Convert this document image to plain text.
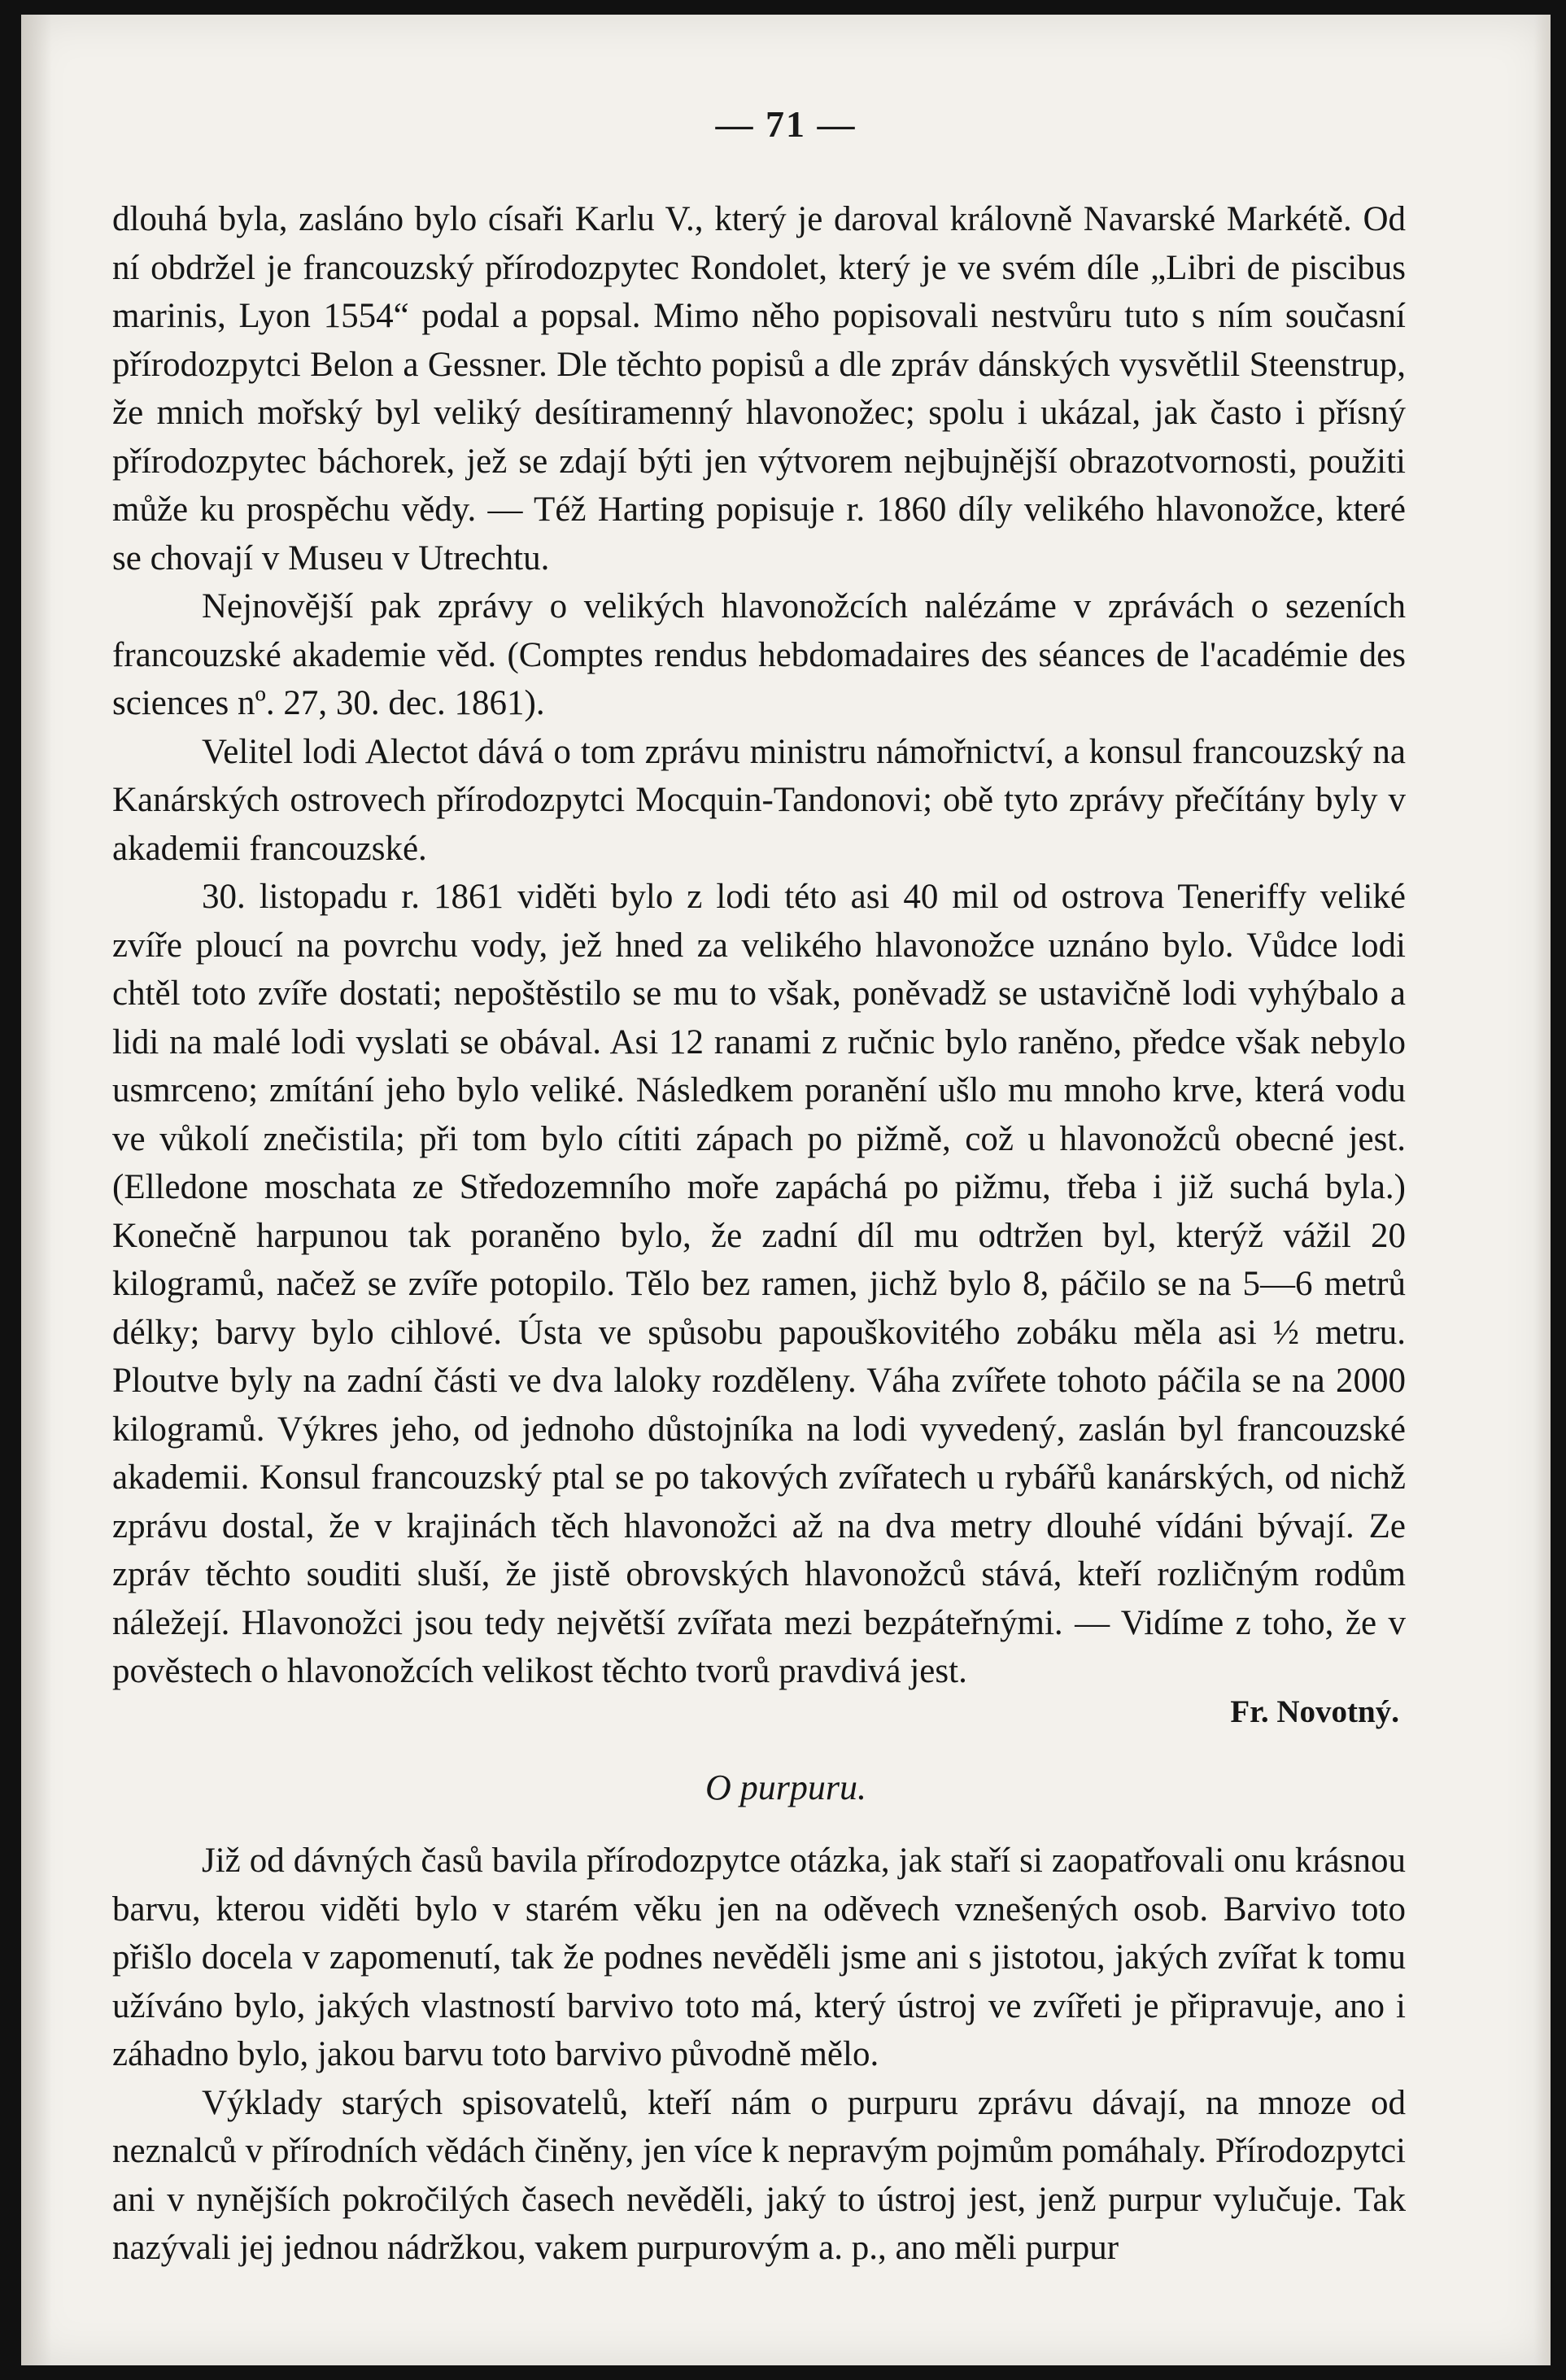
— 71 —

dlouhá byla, zasláno bylo císaři Karlu V., který je daroval královně Navarské Markétě. Od ní obdržel je francouzský přírodozpytec Rondolet, který je ve svém díle „Libri de piscibus marinis, Lyon 1554“ podal a popsal. Mimo něho popisovali nestvůru tuto s ním současní přírodozpytci Belon a Gessner. Dle těchto popisů a dle zpráv dánských vysvětlil Steenstrup, že mnich mořský byl veliký desítiramenný hlavonožec; spolu i ukázal, jak často i přísný přírodozpytec báchorek, jež se zdají býti jen výtvorem nejbujnější obrazotvornosti, použiti může ku prospěchu vědy. — Též Harting popisuje r. 1860 díly velikého hlavonožce, které se chovají v Museu v Utrechtu.

Nejnovější pak zprávy o velikých hlavonožcích nalézáme v zprávách o sezeních francouzské akademie věd. (Comptes rendus hebdomadaires des séances de l'académie des sciences nº. 27, 30. dec. 1861).

Velitel lodi Alectot dává o tom zprávu ministru námořnictví, a konsul francouzský na Kanárských ostrovech přírodozpytci Mocquin-Tandonovi; obě tyto zprávy přečítány byly v akademii francouzské.

30. listopadu r. 1861 viděti bylo z lodi této asi 40 mil od ostrova Teneriffy veliké zvíře ploucí na povrchu vody, jež hned za velikého hlavonožce uznáno bylo. Vůdce lodi chtěl toto zvíře dostati; nepoštěstilo se mu to však, poněvadž se ustavičně lodi vyhýbalo a lidi na malé lodi vyslati se obával. Asi 12 ranami z ručnic bylo raněno, předce však nebylo usmrceno; zmítání jeho bylo veliké. Následkem poranění ušlo mu mnoho krve, která vodu ve vůkolí znečistila; při tom bylo cítiti zápach po pižmě, což u hlavonožců obecné jest. (Elledone moschata ze Středozemního moře zapáchá po pižmu, třeba i již suchá byla.) Konečně harpunou tak poraněno bylo, že zadní díl mu odtržen byl, kterýž vážil 20 kilogramů, načež se zvíře potopilo. Tělo bez ramen, jichž bylo 8, páčilo se na 5—6 metrů délky; barvy bylo cihlové. Ústa ve spůsobu papouškovitého zobáku měla asi ½ metru. Ploutve byly na zadní části ve dva laloky rozděleny. Váha zvířete tohoto páčila se na 2000 kilogramů. Výkres jeho, od jednoho důstojníka na lodi vyvedený, zaslán byl francouzské akademii. Konsul francouzský ptal se po takových zvířatech u rybářů kanárských, od nichž zprávu dostal, že v krajinách těch hlavonožci až na dva metry dlouhé vídáni bývají. Ze zpráv těchto souditi sluší, že jistě obrovských hlavonožců stává, kteří rozličným rodům náležejí. Hlavonožci jsou tedy největší zvířata mezi bezpáteřnými. — Vidíme z toho, že v pověstech o hlavonožcích velikost těchto tvorů pravdivá jest.

Fr. Novotný.
O purpuru.

Již od dávných časů bavila přírodozpytce otázka, jak staří si zaopatřovali onu krásnou barvu, kterou viděti bylo v starém věku jen na oděvech vznešených osob. Barvivo toto přišlo docela v zapomenutí, tak že podnes nevěděli jsme ani s jistotou, jakých zvířat k tomu užíváno bylo, jakých vlastností barvivo toto má, který ústroj ve zvířeti je připravuje, ano i záhadno bylo, jakou barvu toto barvivo původně mělo.

Výklady starých spisovatelů, kteří nám o purpuru zprávu dávají, na mnoze od neznalců v přírodních vědách činěny, jen více k nepravým pojmům pomáhaly. Přírodozpytci ani v nynějších pokročilých časech nevěděli, jaký to ústroj jest, jenž purpur vylučuje. Tak nazývali jej jednou nádržkou, vakem purpurovým a. p., ano měli purpur
